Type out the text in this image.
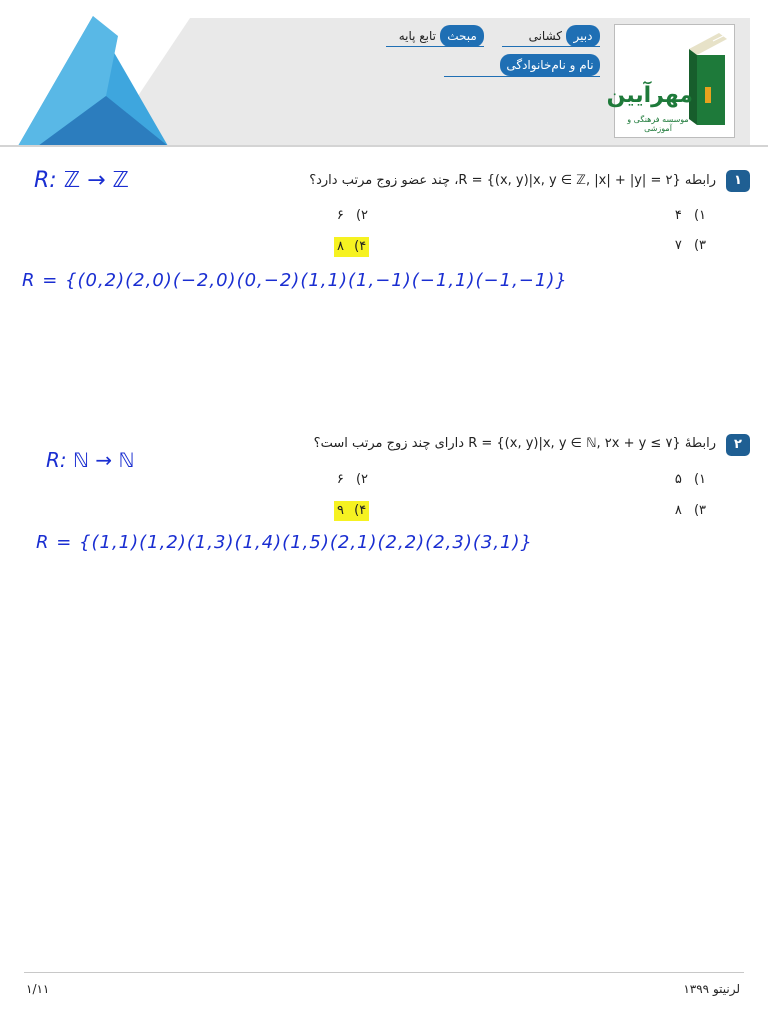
مهرآیین
موسسه فرهنگی و آموزشی
دبیر
کشانی
مبحث
تابع پایه
نام و نام‌خانوادگی
۱
رابطه R = {(x, y)|x, y ∈ ℤ, |x| + |y| = ۲}، چند عضو زوج مرتب دارد؟
۱) ۴
۲) ۶
۳) ۷
۴) ۸
R: ℤ → ℤ
R = {(0,2)(2,0)(−2,0)(0,−2)(1,1)(1,−1)(−1,1)(−1,−1)}
۲
رابطهٔ R = {(x, y)|x, y ∈ ℕ, ۲x + y ≤ ۷} دارای چند زوج مرتب است؟
۱) ۵
۲) ۶
۳) ۸
۴) ۹
R: ℕ → ℕ
R = {(1,1)(1,2)(1,3)(1,4)(1,5)(2,1)(2,2)(2,3)(3,1)}
لرنیتو ۱۳۹۹
۱/۱۱
